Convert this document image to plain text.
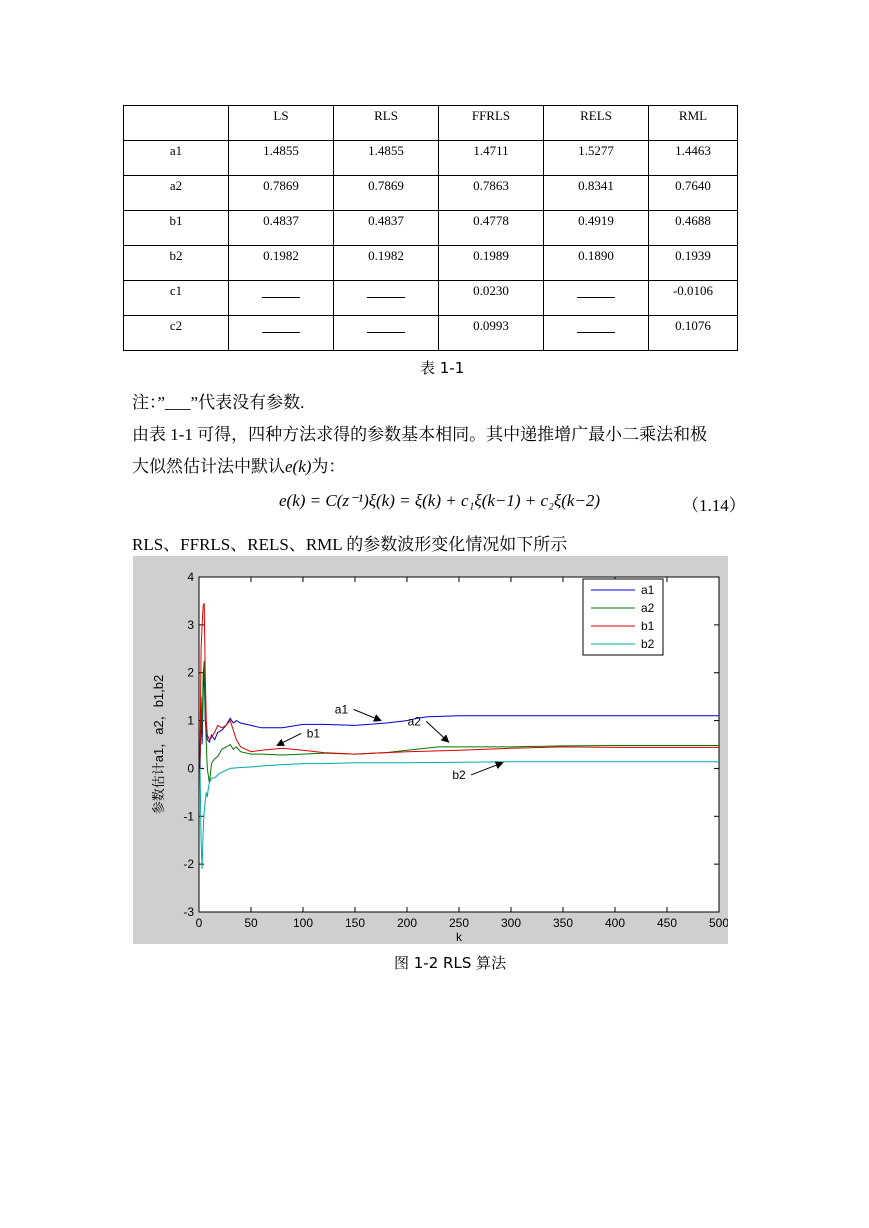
	LS	RLS	FFRLS	RELS	RML

a1	1.4855	1.4855	1.4711	1.5277	1.4463

a2	0.7869	0.7869	0.7863	0.8341	0.7640

b1	0.4837	0.4837	0.4778	0.4919	0.4688

b2	0.1982	0.1982	0.1989	0.1890	0.1939

c1			0.0230		-0.0106

c2			0.0993		0.1076
表 1-1
注：”___”代表没有参数.
由表 1-1 可得，四种方法求得的参数基本相同。其中递推增广最小二乘法和极
大似然估计法中默认e(k)为：
e(k) = C(z⁻¹)ξ(k) = ξ(k) + c₁ξ(k−1) + c₂ξ(k−2)	（1.14）
RLS、FFRLS、RELS、RML 的参数波形变化情况如下所示
0	50	100	150	200	250	300	350	400	450	500
-3
-2
-1
0
1
2
3
4
a1
a2
b1
b2
a1
a2
b1
b2
k
参数估计a1，a2，b1,b2
图 1-2 RLS 算法
